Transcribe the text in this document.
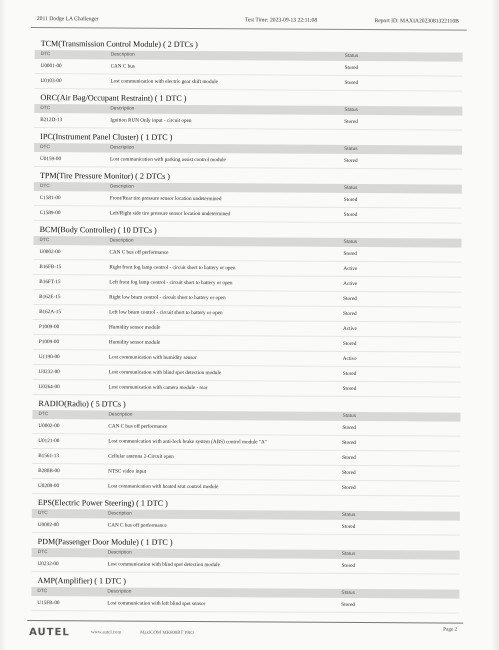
2011 Dodge LA Challenger	Test Time: 2023-09-13 22:11:08	Report ID: MAXIA2023081322110B
TCM(Transmission Control Module) ( 2 DTCs )
DTC	Description	Status
U0001-00	CAN C bus	Stored
U0103-00	Lost communication with electric gear shift module	Stored
ORC(Air Bag/Occupant Restraint) ( 1 DTC )
DTC	Description	Status
B212D-13	Ignition RUN Only input - circuit open	Stored
IPC(Instrument Panel Cluster) ( 1 DTC )
DTC	Description	Status
U0159-00	Lost communication with parking assist control module	Stored
TPM(Tire Pressure Monitor) ( 2 DTCs )
DTC	Description	Status
C1581-00	Front/Rear tire pressure sensor location undetermined	Stored
C1589-00	Left/Right side tire pressure sensor location undetermined	Stored
BCM(Body Controller) ( 10 DTCs )
DTC	Description	Status
U0002-00	CAN C bus off performance	Stored
B16FB-15	Right front fog lamp control - circuit short to battery or open	Active
B16FT-15	Left front fog lamp control - circuit short to battery or open	Active
B162E-15	Right low beam control - circuit short to battery or open	Stored
B162A-15	Left low beam control - circuit short to battery or open	Stored
P1009-00	Humidity sensor module	Active
P1009-00	Humidity sensor module	Stored
U1190-00	Lost communication with humidity sensor	Active
U0232-00	Lost communication with blind spot detection module	Stored
U0264-00	Lost communication with camera module - rear	Stored
RADIO(Radio) ( 5 DTCs )
DTC	Description	Status
U0002-00	CAN C bus off performance	Stored
U0121-00	Lost communication with anti-lock brake system (ABS) control module "A"	Stored
B1561-13	Cellular antenna 2-Circuit open	Stored
B280B-00	NTSC video input	Stored
U0208-00	Lost communication with heated seat control module	Stored
EPS(Electric Power Steering) ( 1 DTC )
DTC	Description	Status
U0002-00	CAN C bus off performance	Stored
PDM(Passenger Door Module) ( 1 DTC )
DTC	Description	Status
U0232-00	Lost communication with blind spot detection module	Stored
AMP(Amplifier) ( 1 DTC )
DTC	Description	Status
U15FB-00	Lost communication with left blind spot sensor	Stored
AUTEL	www.autel.com	MaxiCOM MK808BT PRO
Page 2
